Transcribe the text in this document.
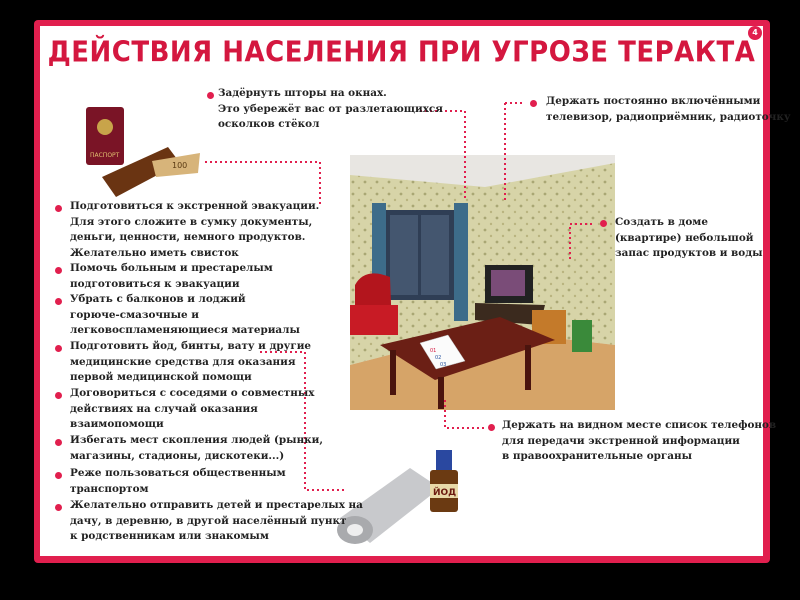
4
ДЕЙСТВИЯ НАСЕЛЕНИЯ ПРИ УГРОЗЕ ТЕРАКТА
01
02
03
ПАСПОРТ
100
ЙОД
Задёрнуть шторы на окнах.
Это убережёт вас от разлетающихся
осколков стёкол
Держать постоянно включёнными
телевизор, радиоприёмник, радиоточку
Создать в доме
(квартире) небольшой
запас продуктов и воды
Держать на видном месте список телефонов
для передачи экстренной информации
в правоохранительные органы
Подготовиться к экстренной эвакуации.
Для этого сложите в сумку документы,
деньги, ценности, немного продуктов.
Желательно иметь свисток
Помочь больным и престарелым
подготовиться к эвакуации
Убрать с балконов и лоджий
горюче-смазочные и
легковоспламеняющиеся материалы
Подготовить йод, бинты, вату и другие
медицинские средства для оказания
первой медицинской помощи
Договориться с соседями о совместных
действиях на случай оказания
взаимопомощи
Избегать мест скопления людей (рынки,
магазины, стадионы, дискотеки...)
Реже пользоваться общественным
транспортом
Желательно отправить детей и престарелых на
дачу, в деревню, в другой населённый пункт
к родственникам или знакомым
